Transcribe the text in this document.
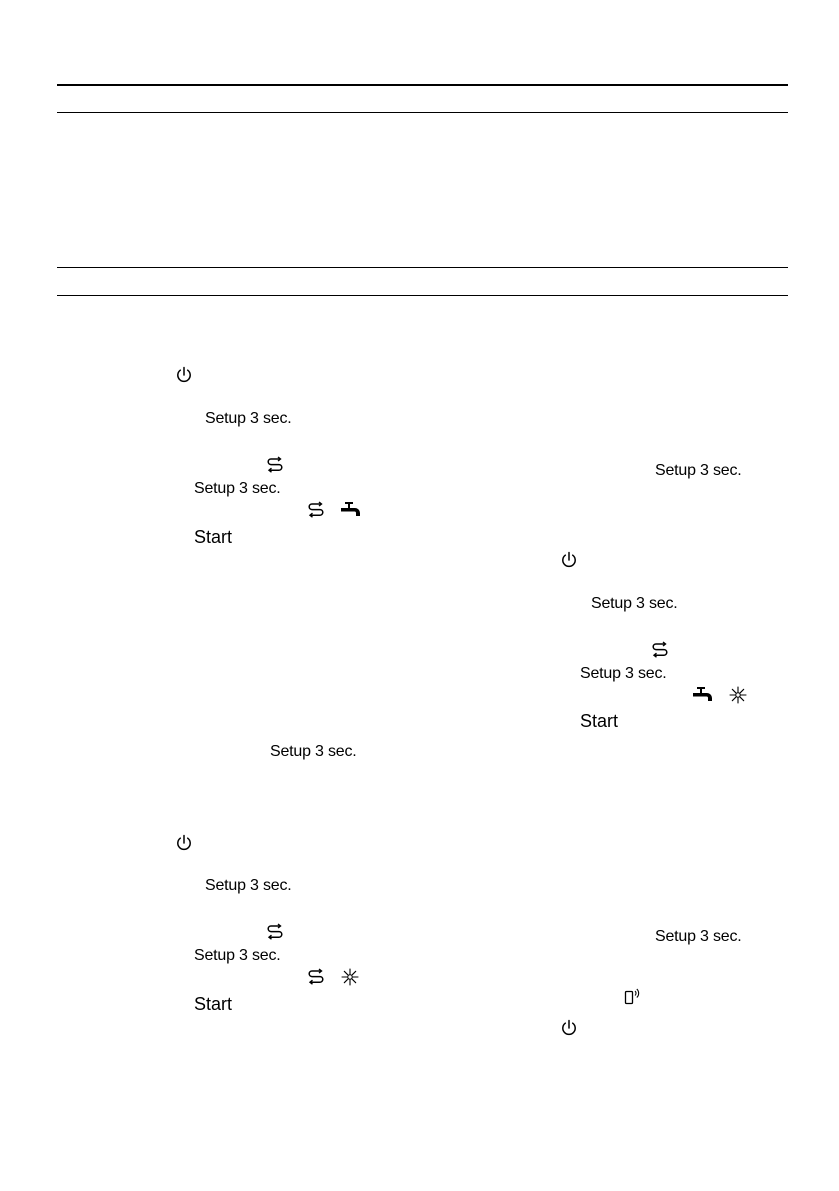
Setup 3 sec.
Setup 3 sec.
Start
Setup 3 sec.
Setup 3 sec.
Setup 3 sec.
Start
Setup 3 sec.
Setup 3 sec.
Setup 3 sec.
Start
Setup 3 sec.
